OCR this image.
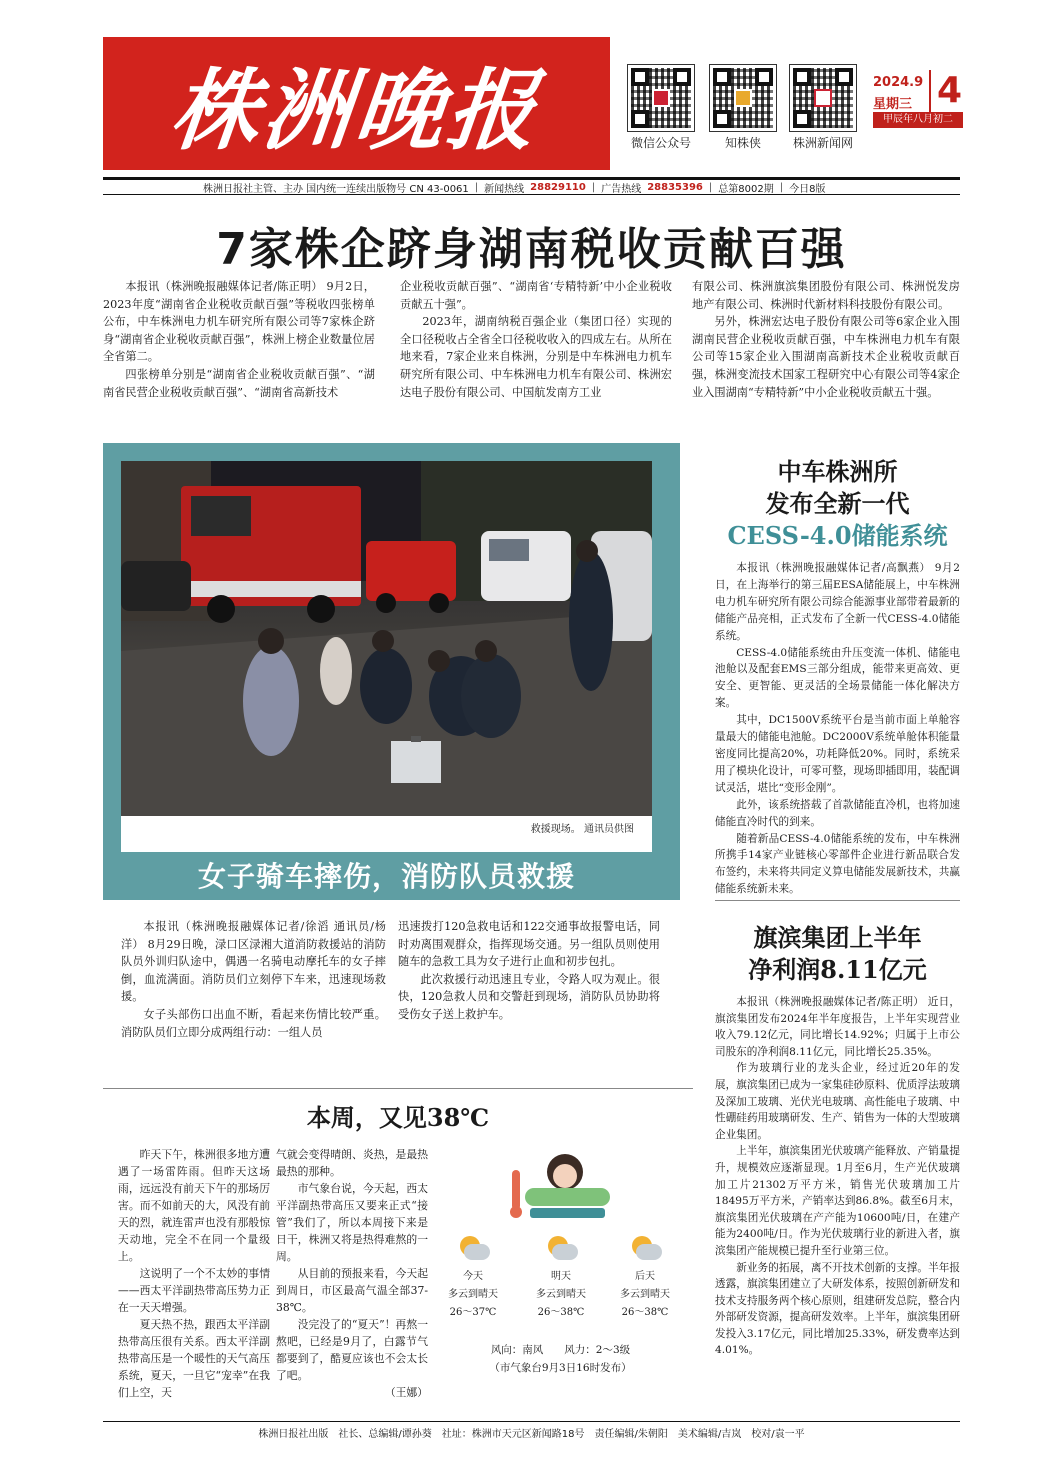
株洲晚报	微信公众号	知株侠	株洲新闻网
2024.9
星期三 4
甲辰年八月初二
株洲日报社主管、主办 国内统一连续出版物号 CN 43-0061 | 新闻热线 28829110 | 广告热线 28835396 | 总第8002期 | 今日8版
7家株企跻身湖南税收贡献百强

本报讯（株洲晚报融媒体记者/陈正明） 9月2日，2023年度“湖南省企业税收贡献百强”等税收四张榜单公布，中车株洲电力机车研究所有限公司等7家株企跻身“湖南省企业税收贡献百强”，株洲上榜企业数量位居全省第二。

四张榜单分别是“湖南省企业税收贡献百强”、“湖南省民营企业税收贡献百强”、“湖南省高新技术

企业税收贡献百强”、“湖南省‘专精特新’中小企业税收贡献五十强”。

2023年，湖南纳税百强企业（集团口径）实现的全口径税收占全省全口径税收收入的四成左右。从所在地来看，7家企业来自株洲，分别是中车株洲电力机车研究所有限公司、中车株洲电力机车有限公司、株洲宏达电子股份有限公司、中国航发南方工业

有限公司、株洲旗滨集团股份有限公司、株洲悦发房地产有限公司、株洲时代新材料科技股份有限公司。

另外，株洲宏达电子股份有限公司等6家企业入围湖南民营企业税收贡献百强，中车株洲电力机车有限公司等15家企业入围湖南高新技术企业税收贡献百强，株洲变流技术国家工程研究中心有限公司等4家企业入围湖南“专精特新”中小企业税收贡献五十强。

救援现场。 通讯员供图
女子骑车摔伤，消防队员救援

本报讯（株洲晚报融媒体记者/徐滔 通讯员/杨洋） 8月29日晚，渌口区渌湘大道消防救援站的消防队员外训归队途中，偶遇一名骑电动摩托车的女子摔倒，血流满面。消防员们立刻停下车来，迅速现场救援。

女子头部伤口出血不断，看起来伤情比较严重。消防队员们立即分成两组行动：一组人员

迅速拨打120急救电话和122交通事故报警电话，同时劝离围观群众，指挥现场交通。另一组队员则使用随车的急救工具为女子进行止血和初步包扎。

此次救援行动迅速且专业，令路人叹为观止。很快，120急救人员和交警赶到现场，消防队员协助将受伤女子送上救护车。

中车株洲所
发布全新一代
CESS-4.0储能系统

本报讯（株洲晚报融媒体记者/高飘燕） 9月2日，在上海举行的第三届EESA储能展上，中车株洲电力机车研究所有限公司综合能源事业部带着最新的储能产品亮相，正式发布了全新一代CESS-4.0储能系统。

CESS-4.0储能系统由升压变流一体机、储能电池舱以及配套EMS三部分组成，能带来更高效、更安全、更智能、更灵活的全场景储能一体化解决方案。

其中，DC1500V系统平台是当前市面上单舱容量最大的储能电池舱。DC2000V系统单舱体积能量密度同比提高20%，功耗降低20%。同时，系统采用了模块化设计，可零可整，现场即插即用，装配调试灵活，堪比“变形金刚”。

此外，该系统搭载了首款储能直冷机，也将加速储能直冷时代的到来。

随着新品CESS-4.0储能系统的发布，中车株洲所携手14家产业链核心零部件企业进行新品联合发布签约，未来将共同定义算电储能发展新技术，共赢储能系统新未来。

旗滨集团上半年
净利润8.11亿元

本报讯（株洲晚报融媒体记者/陈正明） 近日，旗滨集团发布2024年半年度报告，上半年实现营业收入79.12亿元，同比增长14.92%；归属于上市公司股东的净利润8.11亿元，同比增长25.35%。

作为玻璃行业的龙头企业，经过近20年的发展，旗滨集团已成为一家集硅砂原料、优质浮法玻璃及深加工玻璃、光伏光电玻璃、高性能电子玻璃、中性硼硅药用玻璃研发、生产、销售为一体的大型玻璃企业集团。

上半年，旗滨集团光伏玻璃产能释放、产销量提升，规模效应逐渐显现。1月至6月，生产光伏玻璃加工片21302万平方米，销售光伏玻璃加工片18495万平方米，产销率达到86.8%。截至6月末，旗滨集团光伏玻璃在产产能为10600吨/日，在建产能为2400吨/日。作为光伏玻璃行业的新进入者，旗滨集团产能规模已提升至行业第三位。

新业务的拓展，离不开技术创新的支撑。半年报透露，旗滨集团建立了大研发体系，按照创新研发和技术支持服务两个核心原则，组建研发总院，整合内外部研发资源，提高研发效率。上半年，旗滨集团研发投入3.17亿元，同比增加25.33%，研发费率达到4.01%。

本周，又见38℃

昨天下午，株洲很多地方遭遇了一场雷阵雨。但昨天这场雨，远远没有前天下午的那场厉害。而不如前天的大，风没有前天的烈，就连雷声也没有那般惊天动地，完全不在同一个量级上。

这说明了一个不太妙的事情——西太平洋副热带高压势力正在一天天增强。

夏天热不热，跟西太平洋副热带高压很有关系。西太平洋副热带高压是一个暖性的天气高压系统，夏天，一旦它“宠幸”在我们上空，天

气就会变得晴朗、炎热，是最热最热的那种。

市气象台说，今天起，西太平洋副热带高压又要来正式“接管”我们了，所以本周接下来是日干，株洲又将是热得难熬的一周。

从目前的预报来看，今天起到周日，市区最高气温全部37-38℃。

没完没了的“夏天”！再熬一熬吧，已经是9月了，白露节气都要到了，酷夏应该也不会太长了吧。

（王娜）
今天
多云到晴天
26～37℃
明天
多云到晴天
26～38℃
后天
多云到晴天
26～38℃
风向：南风　　风力：2～3级
（市气象台9月3日16时发布）
株洲日报社出版　社长、总编辑/谭孙葵　社址：株洲市天元区新闻路18号　责任编辑/朱朝阳　美术编辑/吉岚　校对/袁一平
